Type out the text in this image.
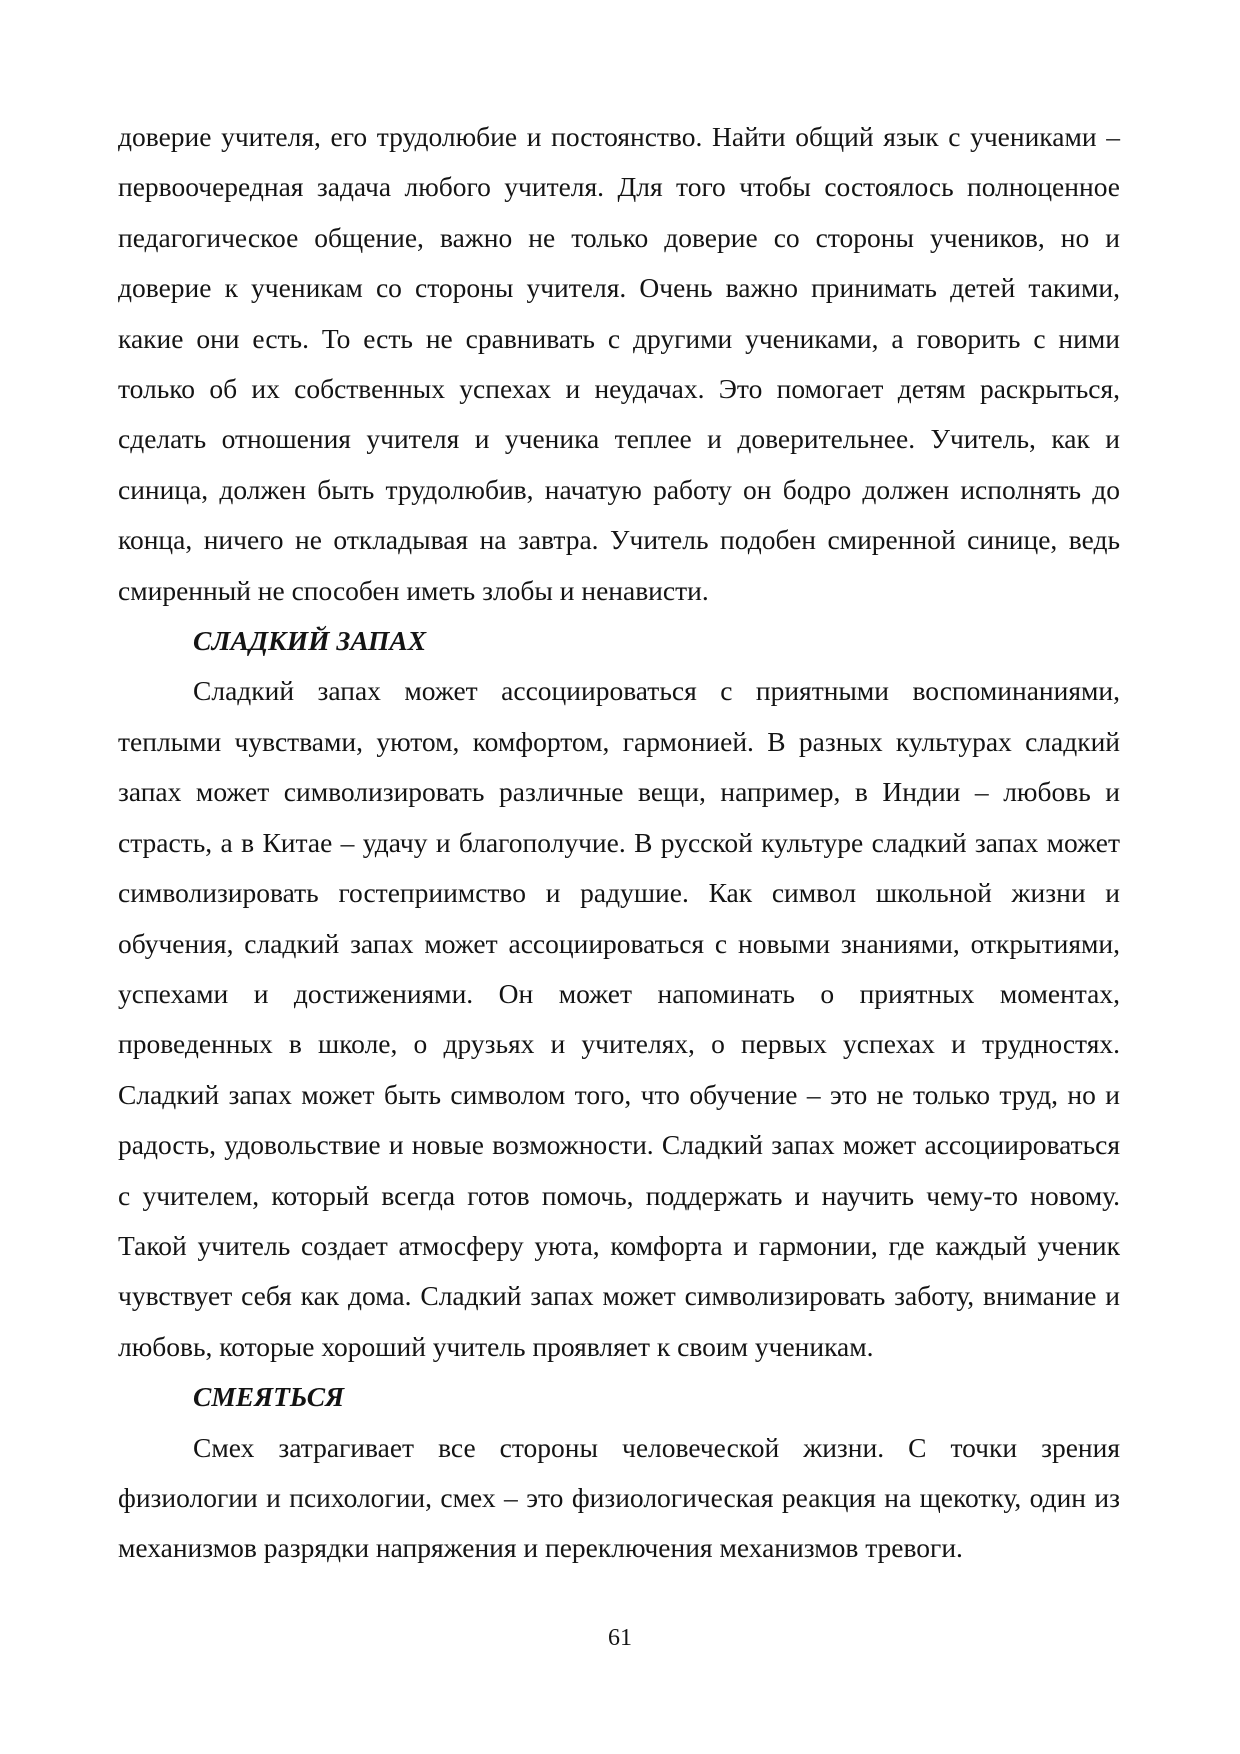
доверие учителя, его трудолюбие и постоянство. Найти общий язык с учениками – первоочередная задача любого учителя. Для того чтобы состоялось полноценное педагогическое общение, важно не только доверие со стороны учеников, но и доверие к ученикам со стороны учителя. Очень важно принимать детей такими, какие они есть. То есть не сравнивать с другими учениками, а говорить с ними только об их собственных успехах и неудачах. Это помогает детям раскрыться, сделать отношения учителя и ученика теплее и доверительнее. Учитель, как и синица, должен быть трудолюбив, начатую работу он бодро должен исполнять до конца, ничего не откладывая на завтра. Учитель подобен смиренной синице, ведь смиренный не способен иметь злобы и ненависти.

СЛАДКИЙ ЗАПАХ

Сладкий запах может ассоциироваться с приятными воспоминаниями, теплыми чувствами, уютом, комфортом, гармонией. В разных культурах сладкий запах может символизировать различные вещи, например, в Индии – любовь и страсть, а в Китае – удачу и благополучие. В русской культуре сладкий запах может символизировать гостеприимство и радушие. Как символ школьной жизни и обучения, сладкий запах может ассоциироваться с новыми знаниями, открытиями, успехами и достижениями. Он может напоминать о приятных моментах, проведенных в школе, о друзьях и учителях, о первых успехах и трудностях. Сладкий запах может быть символом того, что обучение – это не только труд, но и радость, удовольствие и новые возможности. Сладкий запах может ассоциироваться с учителем, который всегда готов помочь, поддержать и научить чему-то новому. Такой учитель создает атмосферу уюта, комфорта и гармонии, где каждый ученик чувствует себя как дома. Сладкий запах может символизировать заботу, внимание и любовь, которые хороший учитель проявляет к своим ученикам.

СМЕЯТЬСЯ

Смех затрагивает все стороны человеческой жизни. С точки зрения физиологии и психологии, смех – это физиологическая реакция на щекотку, один из механизмов разрядки напряжения и переключения механизмов тревоги.

61
